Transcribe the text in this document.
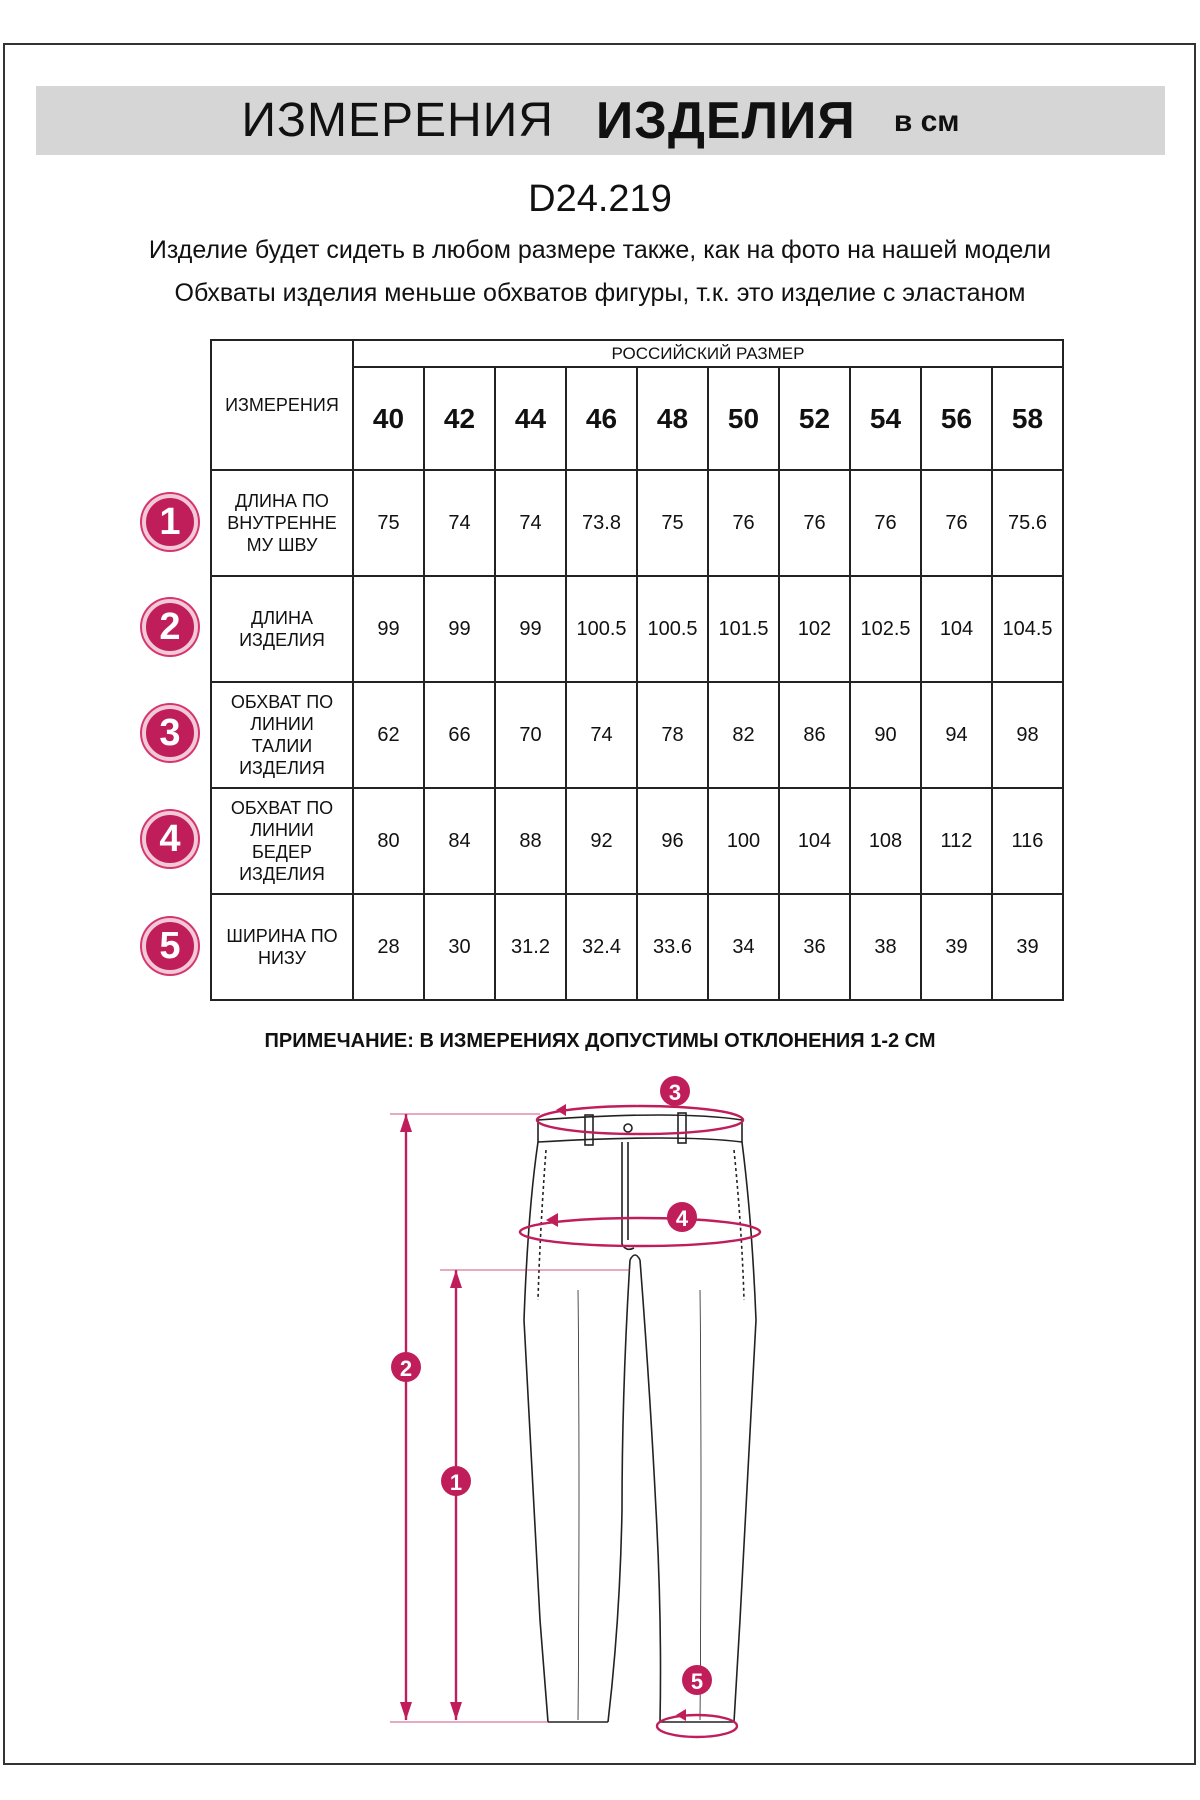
ИЗМЕРЕНИЯ ИЗДЕЛИЯ в см
D24.219
Изделие будет сидеть в любом размере также, как на фото на нашей модели
Обхваты изделия меньше обхватов фигуры, т.к. это изделие с эластаном
ИЗМЕРЕНИЯ	РОССИЙСКИЙ РАЗМЕР									
	40	42	44	46	48	50	52	54	56	58
ДЛИНА ПО
ВНУТРЕННЕ
МУ ШВУ	75	74	74	73.8	75	76	76	76	76	75.6
ДЛИНА
ИЗДЕЛИЯ	99	99	99	100.5	100.5	101.5	102	102.5	104	104.5
ОБХВАТ ПО
ЛИНИИ
ТАЛИИ
ИЗДЕЛИЯ	62	66	70	74	78	82	86	90	94	98
ОБХВАТ ПО
ЛИНИИ
БЕДЕР
ИЗДЕЛИЯ	80	84	88	92	96	100	104	108	112	116
ШИРИНА ПО
НИЗУ	28	30	31.2	32.4	33.6	34	36	38	39	39
1
2
3
4
5
ПРИМЕЧАНИЕ: В ИЗМЕРЕНИЯХ ДОПУСТИМЫ ОТКЛОНЕНИЯ 1-2 СМ
3
4
2
1
5
